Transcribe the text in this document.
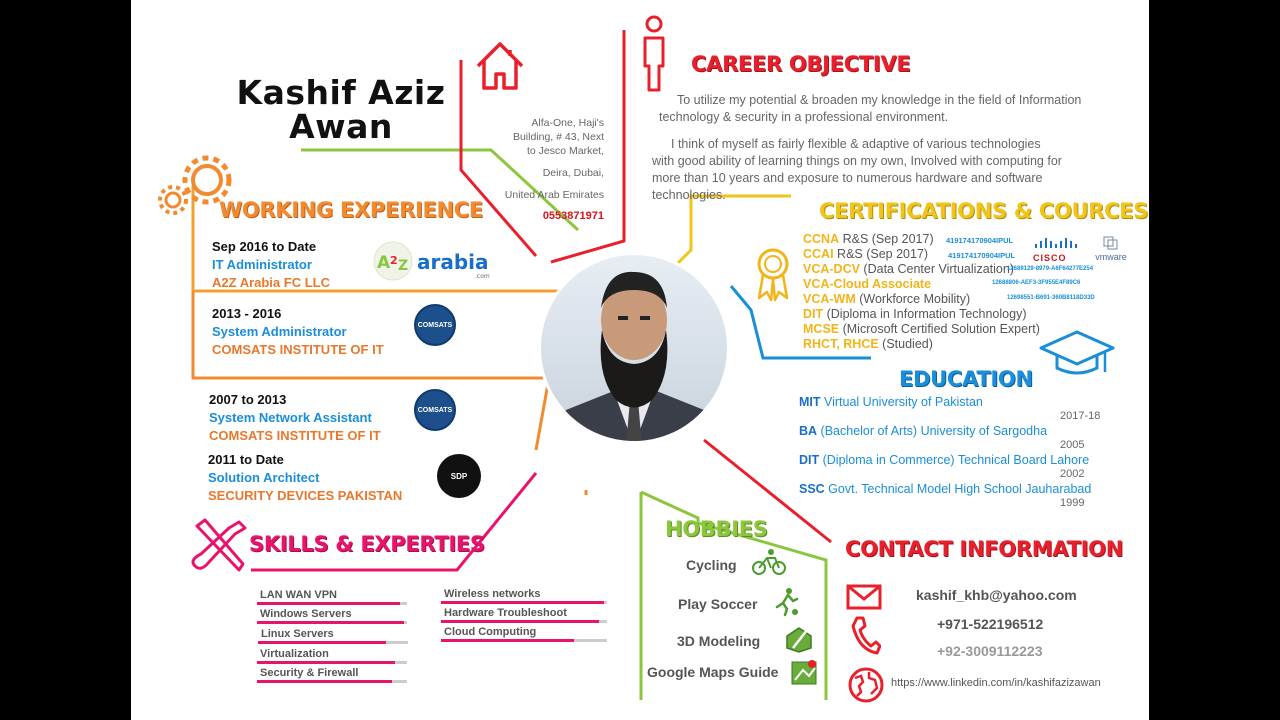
Kashif Aziz
Awan	Alfa-One, Haji's
Building, # 43, Next
to Jesco Market,
Deira, Dubai,
United Arab Emirates
0553871971
CAREER OBJECTIVE
To utilize my potential & broaden my knowledge in the field of Information
technology & security in a professional environment.
I think of myself as fairly flexible & adaptive of various technologies
with good ability of learning things on my own, Involved with computing for
more than 10 years and exposure to numerous hardware and software
technologies.
WORKING EXPERIENCE
Sep 2016 to Date
IT Administrator
A2Z Arabia FC LLC
A 2 Z arabia
.com
2013 - 2016
System Administrator
COMSATS INSTITUTE OF IT
COMSATS
2007 to 2013
System Network Assistant
COMSATS INSTITUTE OF IT
COMSATS
2011 to Date
Solution Architect
SECURITY DEVICES PAKISTAN
SDP
CERTIFICATIONS & COURCES
CCNA R&S (Sep 2017)
CCAI R&S (Sep 2017)
VCA-DCV (Data Center Virtualization)
VCA-Cloud Associate
VCA-WM (Workforce Mobility)
DIT (Diploma in Information Technology)
MCSE (Microsoft Certified Solution Expert)
RHCT, RHCE (Studied)
419174170904IPUL
419174170904IPUL
12689129-8979-A6F64277E254
12688806-AEF3-3F955E4F89C6
12698551-B691-360B8118D33D
CISCO	vmware
EDUCATION
MIT Virtual University of Pakistan
2017-18
BA (Bachelor of Arts) University of Sargodha
2005
DIT (Diploma in Commerce) Technical Board Lahore
2002
SSC Govt. Technical Model High School Jauharabad
1999
SKILLS & EXPERTIES
LAN WAN VPN
Windows Servers
Linux Servers
Virtualization
Security & Firewall
Wireless networks
Hardware Troubleshoot
Cloud Computing
HOBBIES
Cycling
Play Soccer
3D Modeling
Google Maps Guide
CONTACT INFORMATION
kashif_khb@yahoo.com
+971-522196512
+92-3009112223
https://www.linkedin.com/in/kashifazizawan
